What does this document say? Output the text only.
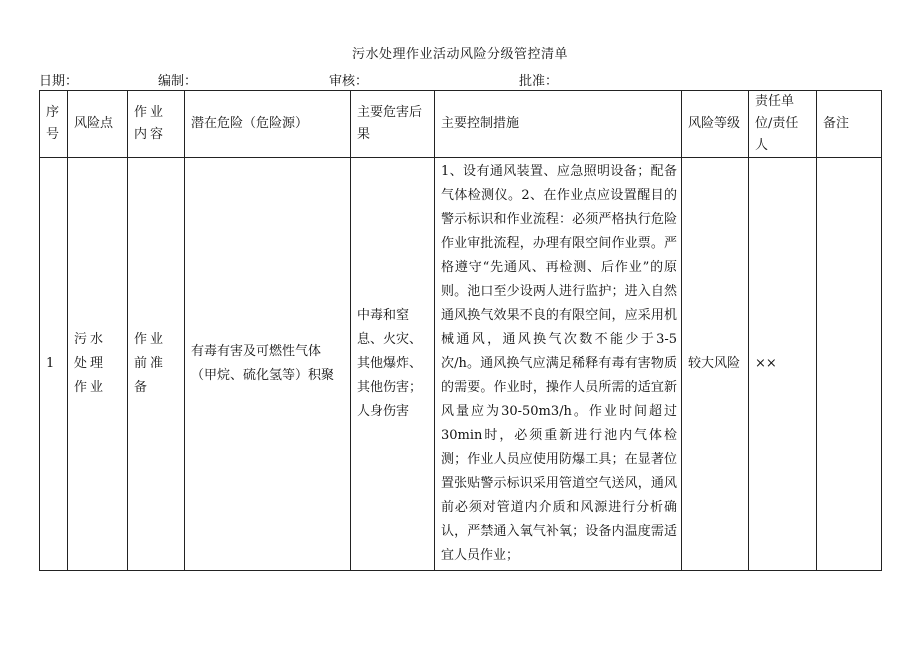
污水处理作业活动风险分级管控清单
日期：	编制：	审核：	批准：
序号	风险点	作业内容	潜在危险（危险源）	主要危害后果	主要控制措施	风险等级	责任单位/责任人	备注
1	污水处理作业	作业前准备	有毒有害及可燃性气体（甲烷、硫化氢等）积聚	中毒和窒息、火灾、其他爆炸、其他伤害；人身伤害	1、设有通风装置、应急照明设备；配备气体检测仪。2、在作业点应设置醒目的警示标识和作业流程：必须严格执行危险作业审批流程，办理有限空间作业票。严格遵守“先通风、再检测、后作业”的原则。池口至少设两人进行监护；进入自然通风换气效果不良的有限空间，应采用机械通风，通风换气次数不能少于3-5次/h。通风换气应满足稀释有毒有害物质的需要。作业时，操作人员所需的适宜新风量应为30-50m3/h。作业时间超过30min时，必须重新进行池内气体检测；作业人员应使用防爆工具；在显著位置张贴警示标识采用管道空气送风，通风前必须对管道内介质和风源进行分析确认，严禁通入氧气补氧；设备内温度需适宜人员作业；	较大风险	××	
